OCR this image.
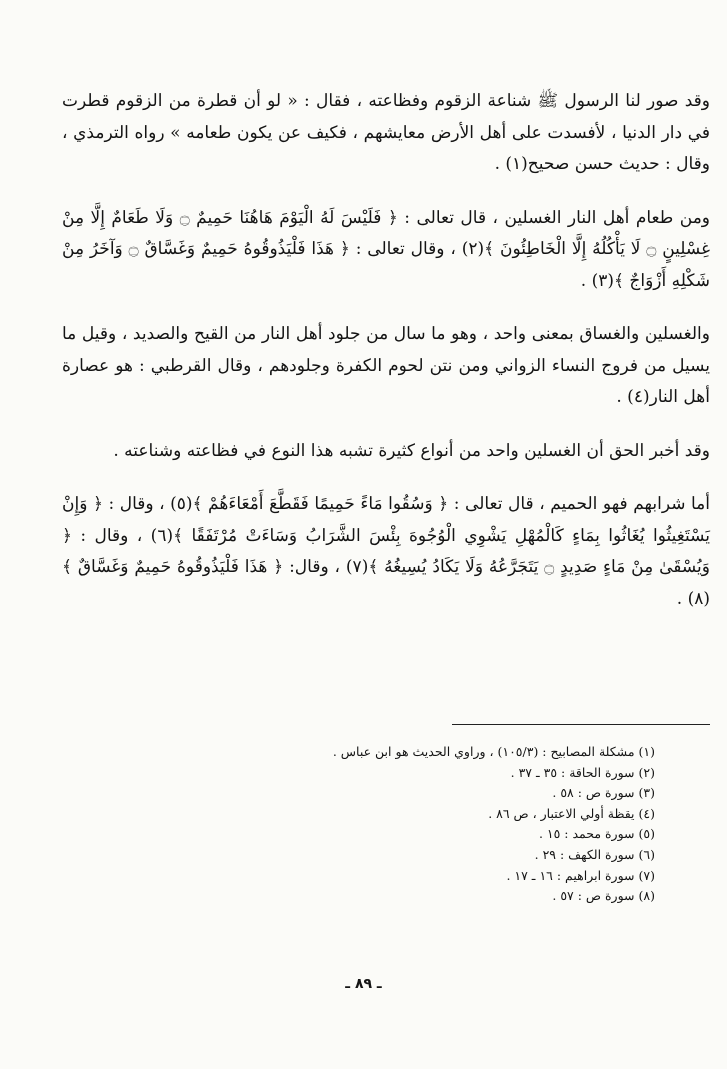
وقد صور لنا الرسول ﷺ شناعة الزقوم وفظاعته ، فقال : « لو أن قطرة من الزقوم قطرت في دار الدنيا ، لأفسدت على أهل الأرض معايشهم ، فكيف عن يكون طعامه » رواه الترمذي ، وقال : حديث حسن صحيح(١) .

ومن طعام أهل النار الغسلين ، قال تعالى : ﴿ فَلَيْسَ لَهُ الْيَوْمَ هَاهُنَا حَمِيمٌ ۝ وَلَا طَعَامٌ إِلَّا مِنْ غِسْلِينٍ ۝ لَا يَأْكُلُهُ إِلَّا الْخَاطِئُونَ ﴾(٢) ، وقال تعالى : ﴿ هَذَا فَلْيَذُوقُوهُ حَمِيمٌ وَغَسَّاقٌ ۝ وَآخَرُ مِنْ شَكْلِهِ أَزْوَاجٌ ﴾(٣) .

والغسلين والغساق بمعنى واحد ، وهو ما سال من جلود أهل النار من القيح والصديد ، وقيل ما يسيل من فروج النساء الزواني ومن نتن لحوم الكفرة وجلودهم ، وقال القرطبي : هو عصارة أهل النار(٤) .

وقد أخبر الحق أن الغسلين واحد من أنواع كثيرة تشبه هذا النوع في فظاعته وشناعته .

أما شرابهم فهو الحميم ، قال تعالى : ﴿ وَسُقُوا مَاءً حَمِيمًا فَقَطَّعَ أَمْعَاءَهُمْ ﴾(٥) ، وقال : ﴿ وَإِنْ يَسْتَغِيثُوا يُغَاثُوا بِمَاءٍ كَالْمُهْلِ يَشْوِي الْوُجُوهَ بِئْسَ الشَّرَابُ وَسَاءَتْ مُرْتَفَقًا ﴾(٦) ، وقال : ﴿ وَيُسْقَىٰ مِنْ مَاءٍ صَدِيدٍ ۝ يَتَجَرَّعُهُ وَلَا يَكَادُ يُسِيغُهُ ﴾(٧) ، وقال: ﴿ هَذَا فَلْيَذُوقُوهُ حَمِيمٌ وَغَسَّاقٌ ﴾(٨) .

(١) مشكلة المصابيح : (١٠٥/٣) ، وراوي الحديث هو ابن عباس .

(٢) سورة الحاقة : ٣٥ ـ ٣٧ .

(٣) سورة ص : ٥٨ .

(٤) يقظة أولي الاعتبار ، ص ٨٦ .

(٥) سورة محمد : ١٥ .

(٦) سورة الكهف : ٢٩ .

(٧) سورة ابراهيم : ١٦ ـ ١٧ .

(٨) سورة ص : ٥٧ .

ـ ٨٩ ـ
